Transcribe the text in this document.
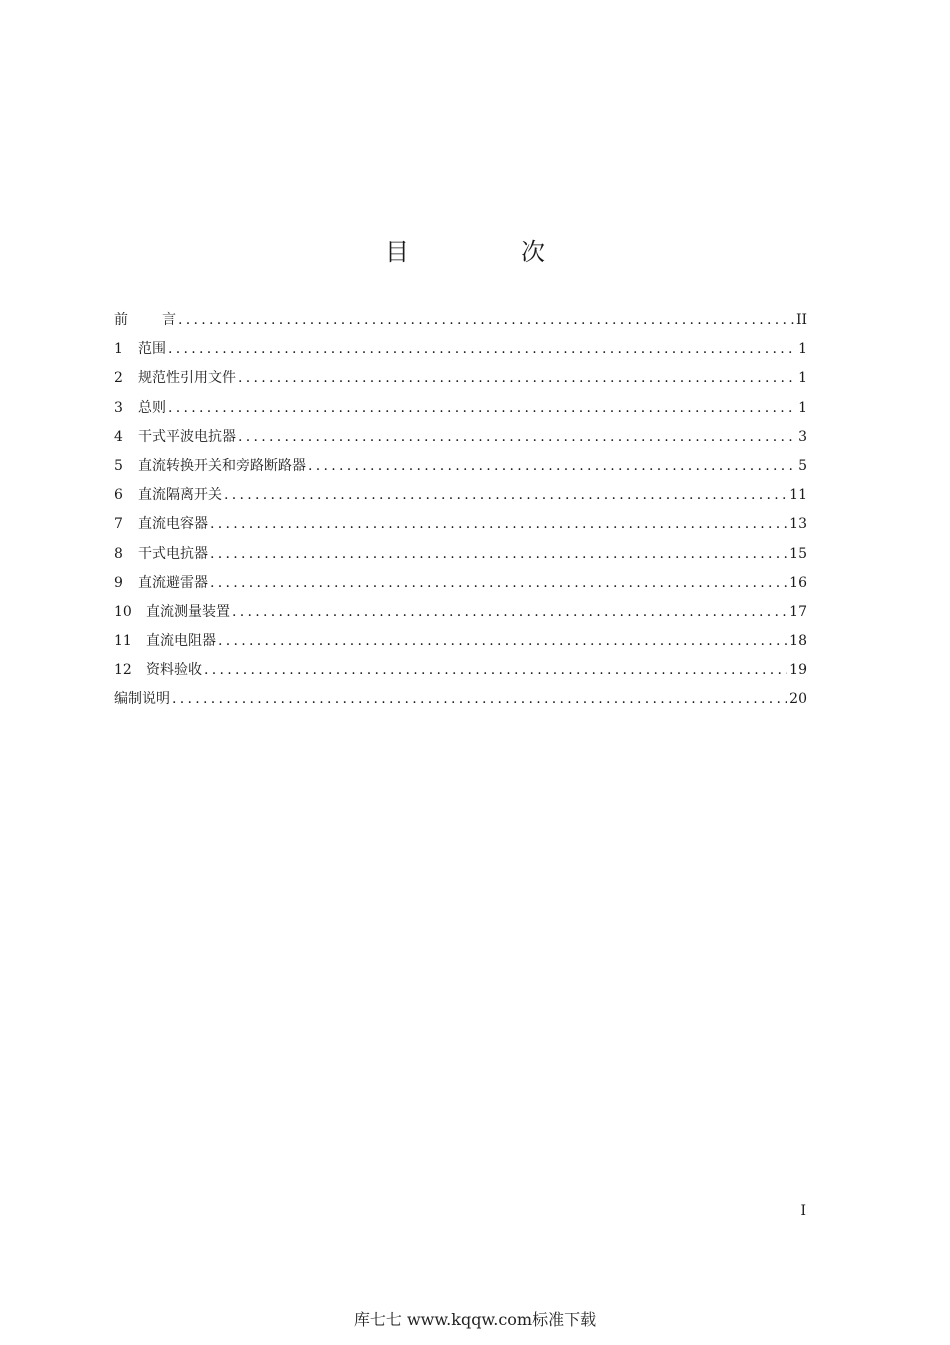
目　次
前 言 .....	II
1	范围 .....	1
2	规范性引用文件 .....	1
3	总则 .....	1
4	干式平波电抗器 .....	3
5	直流转换开关和旁路断路器 .....	5
6	直流隔离开关 .....	11
7	直流电容器 .....	13
8	干式电抗器 .....	15
9	直流避雷器 .....	16
10	直流测量装置 .....	17
11	直流电阻器 .....	18
12	资料验收 .....	19
编制说明 .....	20
I
库七七 www.kqqw.com标准下载
